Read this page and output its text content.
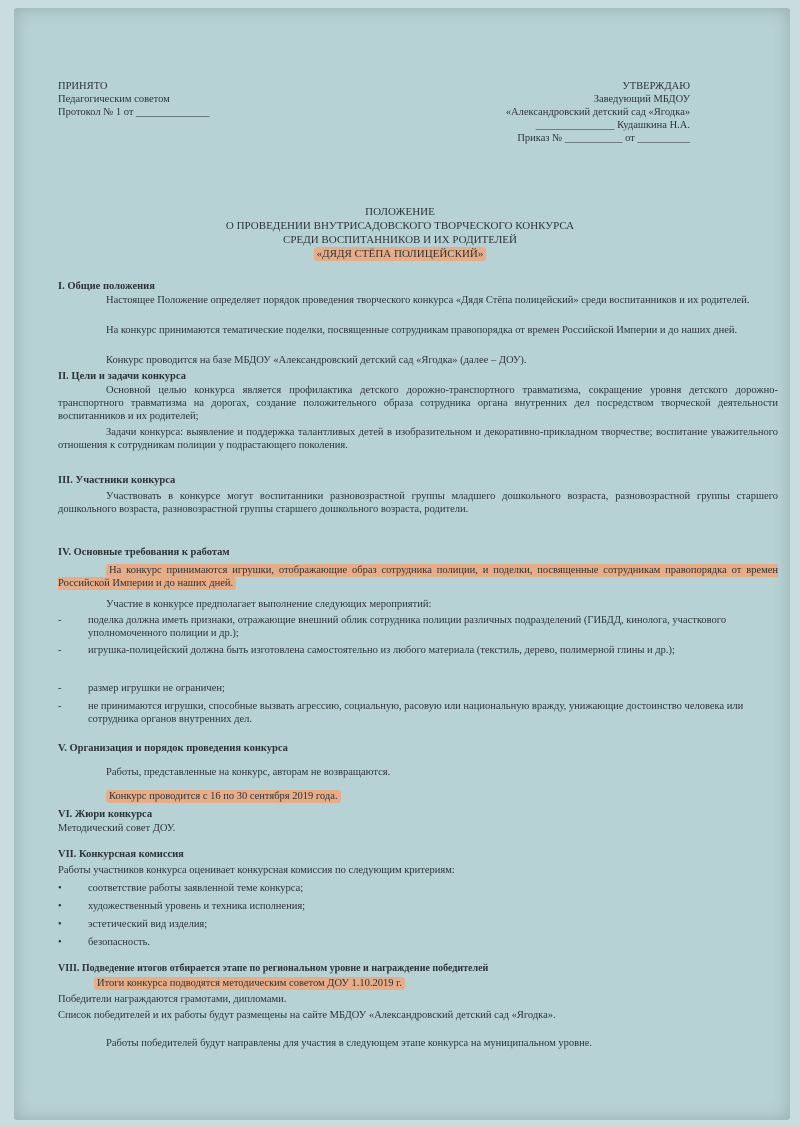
ПРИНЯТО
Педагогическим советом
Протокол № 1 от ______________
УТВЕРЖДАЮ
Заведующий МБДОУ
«Александровский детский сад «Ягодка»
_______________ Кудашкина Н.А.
Приказ № ___________ от __________
ПОЛОЖЕНИЕ
О ПРОВЕДЕНИИ ВНУТРИСАДОВСКОГО ТВОРЧЕСКОГО КОНКУРСА
СРЕДИ ВОСПИТАННИКОВ И ИХ РОДИТЕЛЕЙ
«ДЯДЯ СТЁПА ПОЛИЦЕЙСКИЙ»
I. Общие положения
Настоящее Положение определяет порядок проведения творческого конкурса «Дядя Стёпа полицейский» среди воспитанников и их родителей.
На конкурс принимаются тематические поделки, посвященные сотрудникам правопорядка от времен Российской Империи и до наших дней.
Конкурс проводится на базе МБДОУ «Александровский детский сад «Ягодка» (далее – ДОУ).
II. Цели и задачи конкурса
Основной целью конкурса является профилактика детского дорожно-транспортного травматизма, сокращение уровня детского дорожно-транспортного травматизма на дорогах, создание положительного образа сотрудника органа внутренних дел посредством творческой деятельности воспитанников и их родителей;
Задачи конкурса: выявление и поддержка талантливых детей в изобразительном и декоративно-прикладном творчестве; воспитание уважительного отношения к сотрудникам полиции у подрастающего поколения.
III. Участники конкурса
Участвовать в конкурсе могут воспитанники разновозрастной группы младшего дошкольного возраста, разновозрастной группы старшего дошкольного возраста, разновозрастной группы старшего дошкольного возраста, родители.
IV. Основные требования к работам
На конкурс принимаются игрушки, отображающие образ сотрудника полиции, и поделки, посвященные сотрудникам правопорядка от времен Российской Империи и до наших дней.
Участие в конкурсе предполагает выполнение следующих мероприятий:
-	поделка должна иметь признаки, отражающие внешний облик сотрудника полиции различных подразделений (ГИБДД, кинолога, участкового уполномоченного полиции и др.);
-	игрушка-полицейский должна быть изготовлена самостоятельно из любого материала (текстиль, дерево, полимерной глины и др.);
-	размер игрушки не ограничен;
-	не принимаются игрушки, способные вызвать агрессию, социальную, расовую или национальную вражду, унижающие достоинство человека или сотрудника органов внутренних дел.
V. Организация и порядок проведения конкурса
Работы, представленные на конкурс, авторам не возвращаются.
Конкурс проводится с 16 по 30 сентября 2019 года.
VI. Жюри конкурса
Методический совет ДОУ.
VII. Конкурсная комиссия
Работы участников конкурса оценивает конкурсная комиссия по следующим критериям:
•	соответствие работы заявленной теме конкурса;
•	художественный уровень и техника исполнения;
•	эстетический вид изделия;
•	безопасность.
VIII. Подведение итогов отбирается этапе по региональном уровне и награждение победителей
Итоги конкурса подводятся методическим советом ДОУ 1.10.2019 г.
Победители награждаются грамотами, дипломами.
Список победителей и их работы будут размещены на сайте МБДОУ «Александровский детский сад «Ягодка».
Работы победителей будут направлены для участия в следующем этапе конкурса на муниципальном уровне.
